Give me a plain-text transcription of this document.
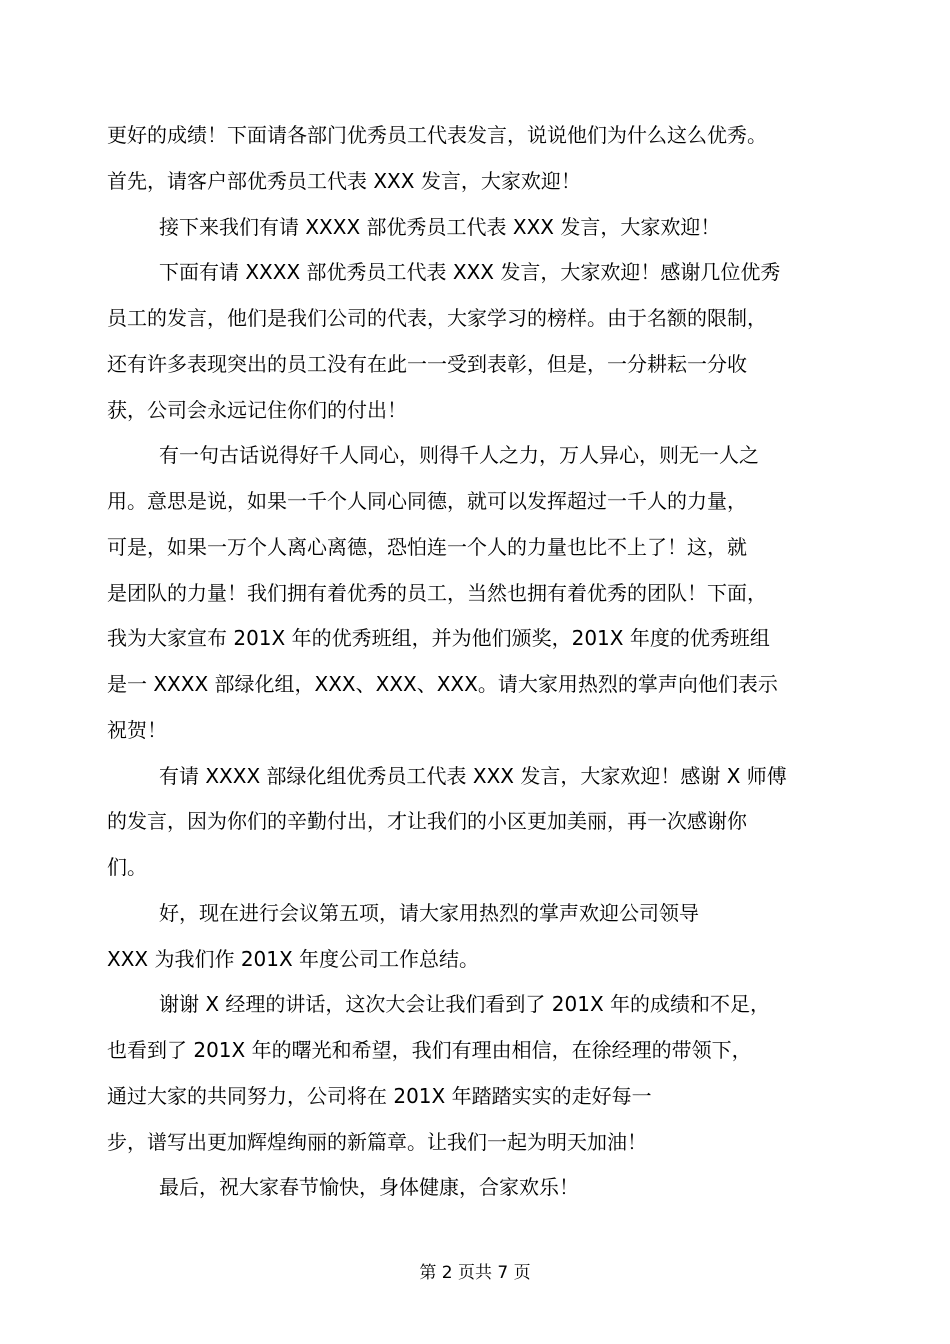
更好的成绩！下面请各部门优秀员工代表发言，说说他们为什么这么优秀。
首先，请客户部优秀员工代表 XXX 发言，大家欢迎！
接下来我们有请 XXXX 部优秀员工代表 XXX 发言，大家欢迎！
下面有请 XXXX 部优秀员工代表 XXX 发言，大家欢迎！感谢几位优秀
员工的发言，他们是我们公司的代表，大家学习的榜样。由于名额的限制，
还有许多表现突出的员工没有在此一一受到表彰，但是，一分耕耘一分收
获，公司会永远记住你们的付出！
有一句古话说得好千人同心，则得千人之力，万人异心，则无一人之
用。意思是说，如果一千个人同心同德，就可以发挥超过一千人的力量，
可是，如果一万个人离心离德，恐怕连一个人的力量也比不上了！这，就
是团队的力量！我们拥有着优秀的员工，当然也拥有着优秀的团队！下面，
我为大家宣布 201X 年的优秀班组，并为他们颁奖，201X 年度的优秀班组
是一 XXXX 部绿化组，XXX、XXX、XXX。请大家用热烈的掌声向他们表示
祝贺！
有请 XXXX 部绿化组优秀员工代表 XXX 发言，大家欢迎！感谢 X 师傅
的发言，因为你们的辛勤付出，才让我们的小区更加美丽，再一次感谢你
们。
好，现在进行会议第五项，请大家用热烈的掌声欢迎公司领导
XXX 为我们作 201X 年度公司工作总结。
谢谢 X 经理的讲话，这次大会让我们看到了 201X 年的成绩和不足，
也看到了 201X 年的曙光和希望，我们有理由相信，在徐经理的带领下，
通过大家的共同努力，公司将在 201X 年踏踏实实的走好每一
步，谱写出更加辉煌绚丽的新篇章。让我们一起为明天加油！
最后，祝大家春节愉快，身体健康，合家欢乐！
第 2 页共 7 页
